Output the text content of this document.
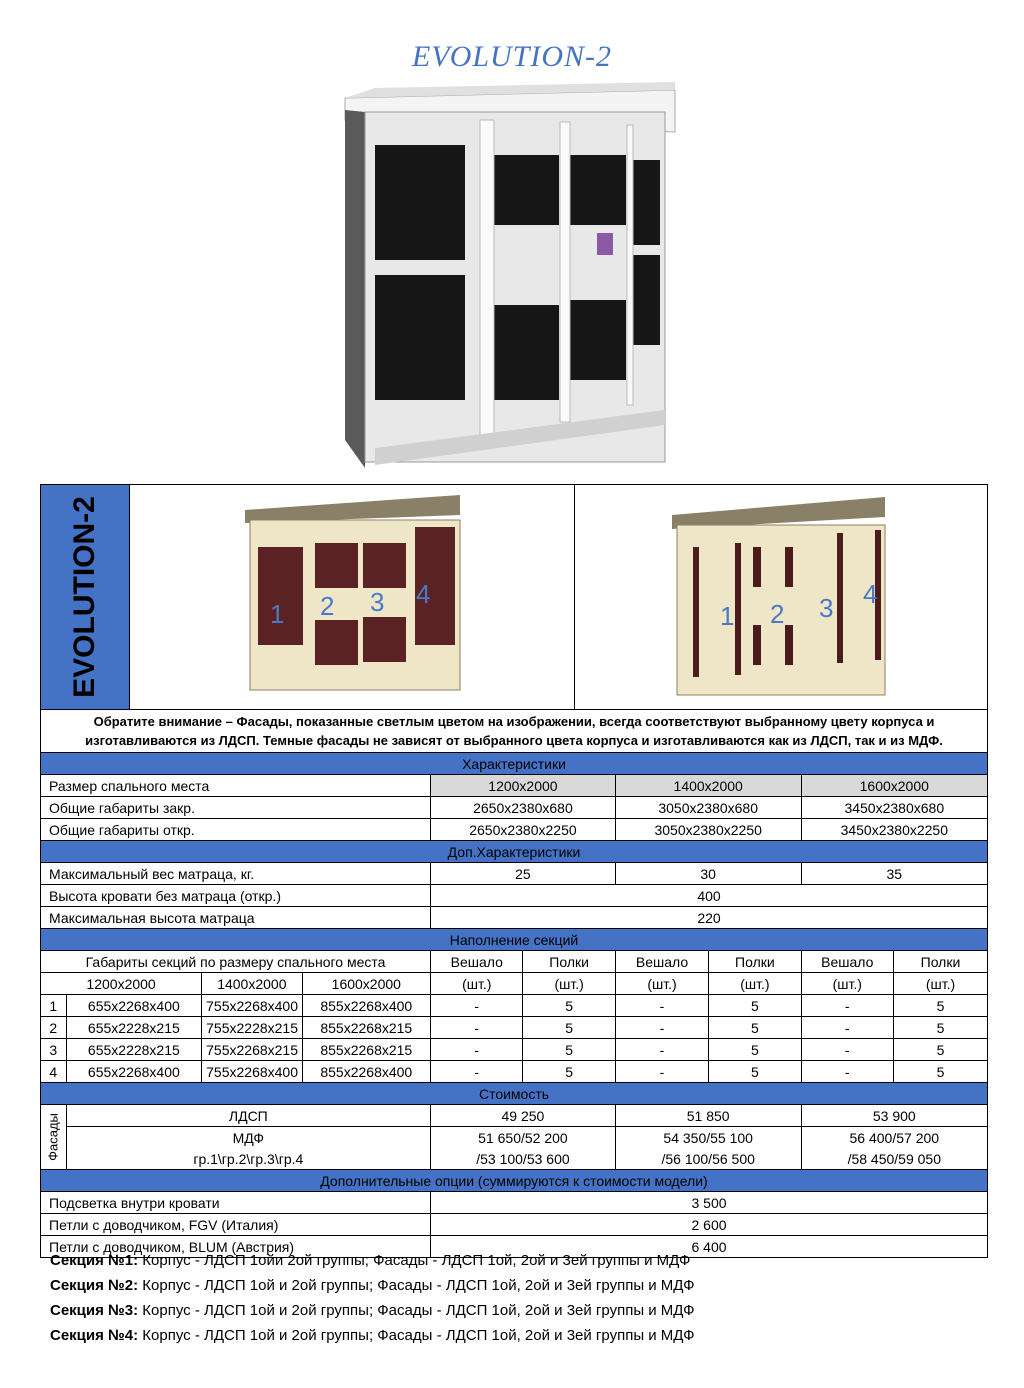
EVOLUTION-2
EVOLUTION-2	1 2 3 4
1 2 3 4
Обратите внимание – Фасады, показанные светлым цветом на изображении, всегда соответствуют выбранному цвету корпуса и изготавливаются из ЛДСП. Темные фасады не зависят от выбранного цвета корпуса и изготавливаются как из ЛДСП, так и из МДФ.
Характеристики									
Размер спального места				1200х2000		1400х2000		1600х2000	
Общие габариты закр.				2650х2380х680		3050х2380х680		3450х2380х680	
Общие габариты откр.				2650х2380х2250		3050х2380х2250		3450х2380х2250	
Доп.Характеристики									
Максимальный вес матраца, кг.				25		30		35	
Высота кровати без матраца (откр.)				400					
Максимальная высота матраца				220					
Наполнение секций									
Габариты секций по размеру спального места				Вешало	Полки	Вешало	Полки	Вешало	Полки
1200х2000		1400х2000	1600х2000	(шт.)	(шт.)	(шт.)	(шт.)	(шт.)	(шт.)
1	655х2268х400	755х2268х400	855х2268х400	-	5	-	5	-	5
2	655х2228х215	755х2228х215	855х2268х215	-	5	-	5	-	5
3	655х2228х215	755х2268х215	855х2268х215	-	5	-	5	-	5
4	655х2268х400	755х2268х400	855х2268х400	-	5	-	5	-	5
Стоимость									

Фасады	ЛДСП			49 250		51 850		53 900	
	МДФ			51 650/52 200		54 350/55 100		56 400/57 200	
	гр.1\гр.2\гр.3\гр.4			/53 100/53 600		/56 100/56 500		/58 450/59 050	
Дополнительные опции (суммируются к стоимости модели)									
Подсветка внутри кровати				3 500					
Петли с доводчиком, FGV (Италия)				2 600					
Петли с доводчиком, BLUM (Австрия)				6 400					
Секция №1: Корпус - ЛДСП 1ойи 2ой группы; Фасады - ЛДСП 1ой, 2ой и 3ей группы и МДФ
Секция №2: Корпус - ЛДСП 1ой и 2ой группы; Фасады - ЛДСП 1ой, 2ой и 3ей группы и МДФ
Секция №3: Корпус - ЛДСП 1ой и 2ой группы; Фасады - ЛДСП 1ой, 2ой и 3ей группы и МДФ
Секция №4: Корпус - ЛДСП 1ой и 2ой группы; Фасады - ЛДСП 1ой, 2ой и 3ей группы и МДФ
